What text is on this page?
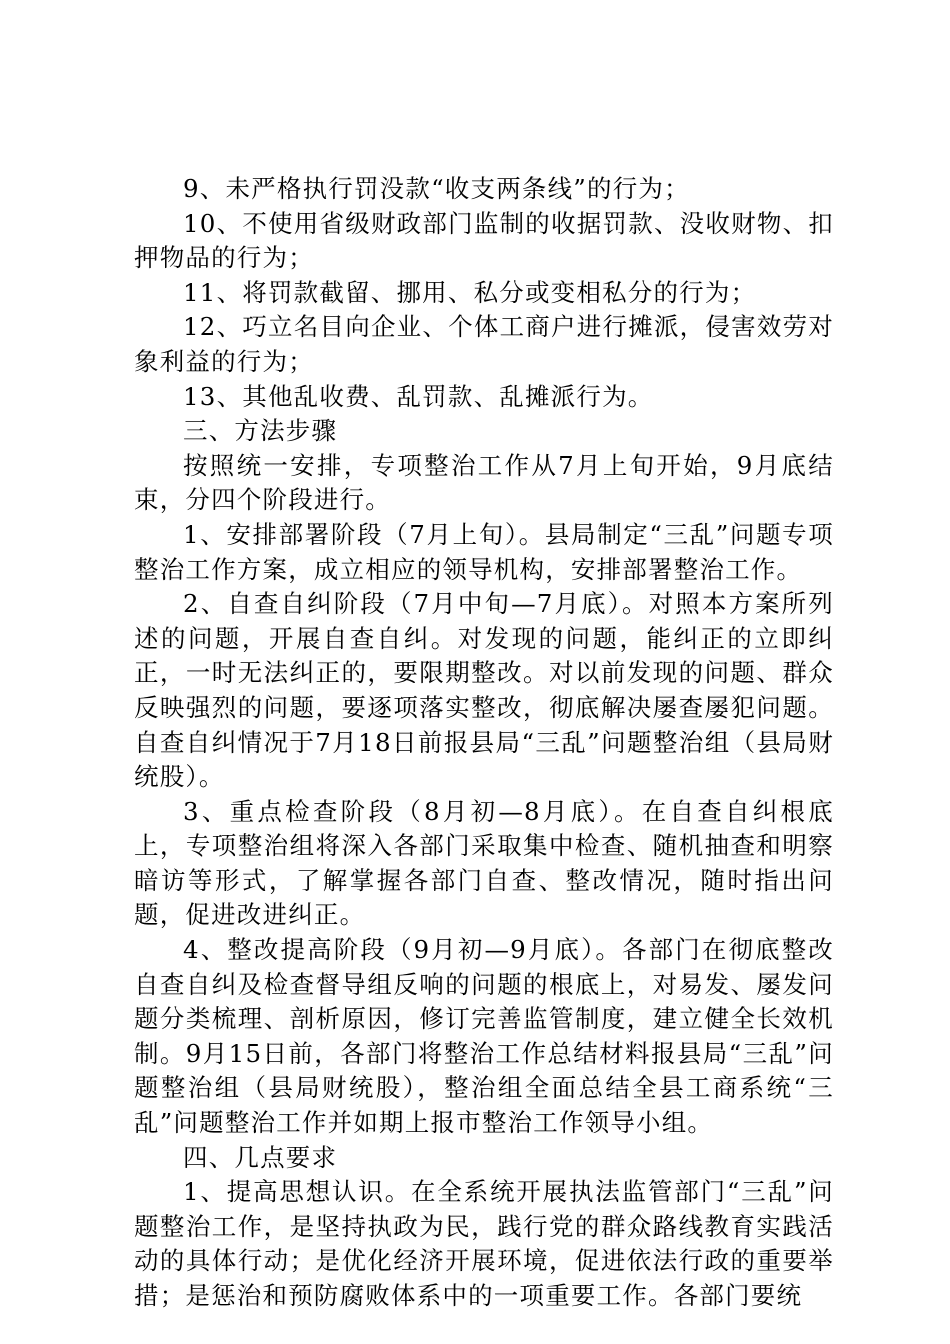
9、未严格执行罚没款“收支两条线”的行为；

10、不使用省级财政部门监制的收据罚款、没收财物、扣押物品的行为；

11、将罚款截留、挪用、私分或变相私分的行为；

12、巧立名目向企业、个体工商户进行摊派，侵害效劳对象利益的行为；

13、其他乱收费、乱罚款、乱摊派行为。

三、方法步骤

按照统一安排，专项整治工作从7月上旬开始，9月底结束，分四个阶段进行。

1、安排部署阶段（7月上旬）。县局制定“三乱”问题专项整治工作方案，成立相应的领导机构，安排部署整治工作。

2、自查自纠阶段（7月中旬—7月底）。对照本方案所列述的问题，开展自查自纠。对发现的问题，能纠正的立即纠正，一时无法纠正的，要限期整改。对以前发现的问题、群众反映强烈的问题，要逐项落实整改，彻底解决屡查屡犯问题。自查自纠情况于7月18日前报县局“三乱”问题整治组（县局财统股）。

3、重点检查阶段（8月初—8月底）。在自查自纠根底上，专项整治组将深入各部门采取集中检查、随机抽查和明察暗访等形式，了解掌握各部门自查、整改情况，随时指出问题，促进改进纠正。

4、整改提高阶段（9月初—9月底）。各部门在彻底整改自查自纠及检查督导组反响的问题的根底上，对易发、屡发问题分类梳理、剖析原因，修订完善监管制度，建立健全长效机制。9月15日前，各部门将整治工作总结材料报县局“三乱”问题整治组（县局财统股），整治组全面总结全县工商系统“三乱”问题整治工作并如期上报市整治工作领导小组。

四、几点要求

1、提高思想认识。在全系统开展执法监管部门“三乱”问题整治工作，是坚持执政为民，践行党的群众路线教育实践活动的具体行动；是优化经济开展环境，促进依法行政的重要举措；是惩治和预防腐败体系中的一项重要工作。各部门要统
